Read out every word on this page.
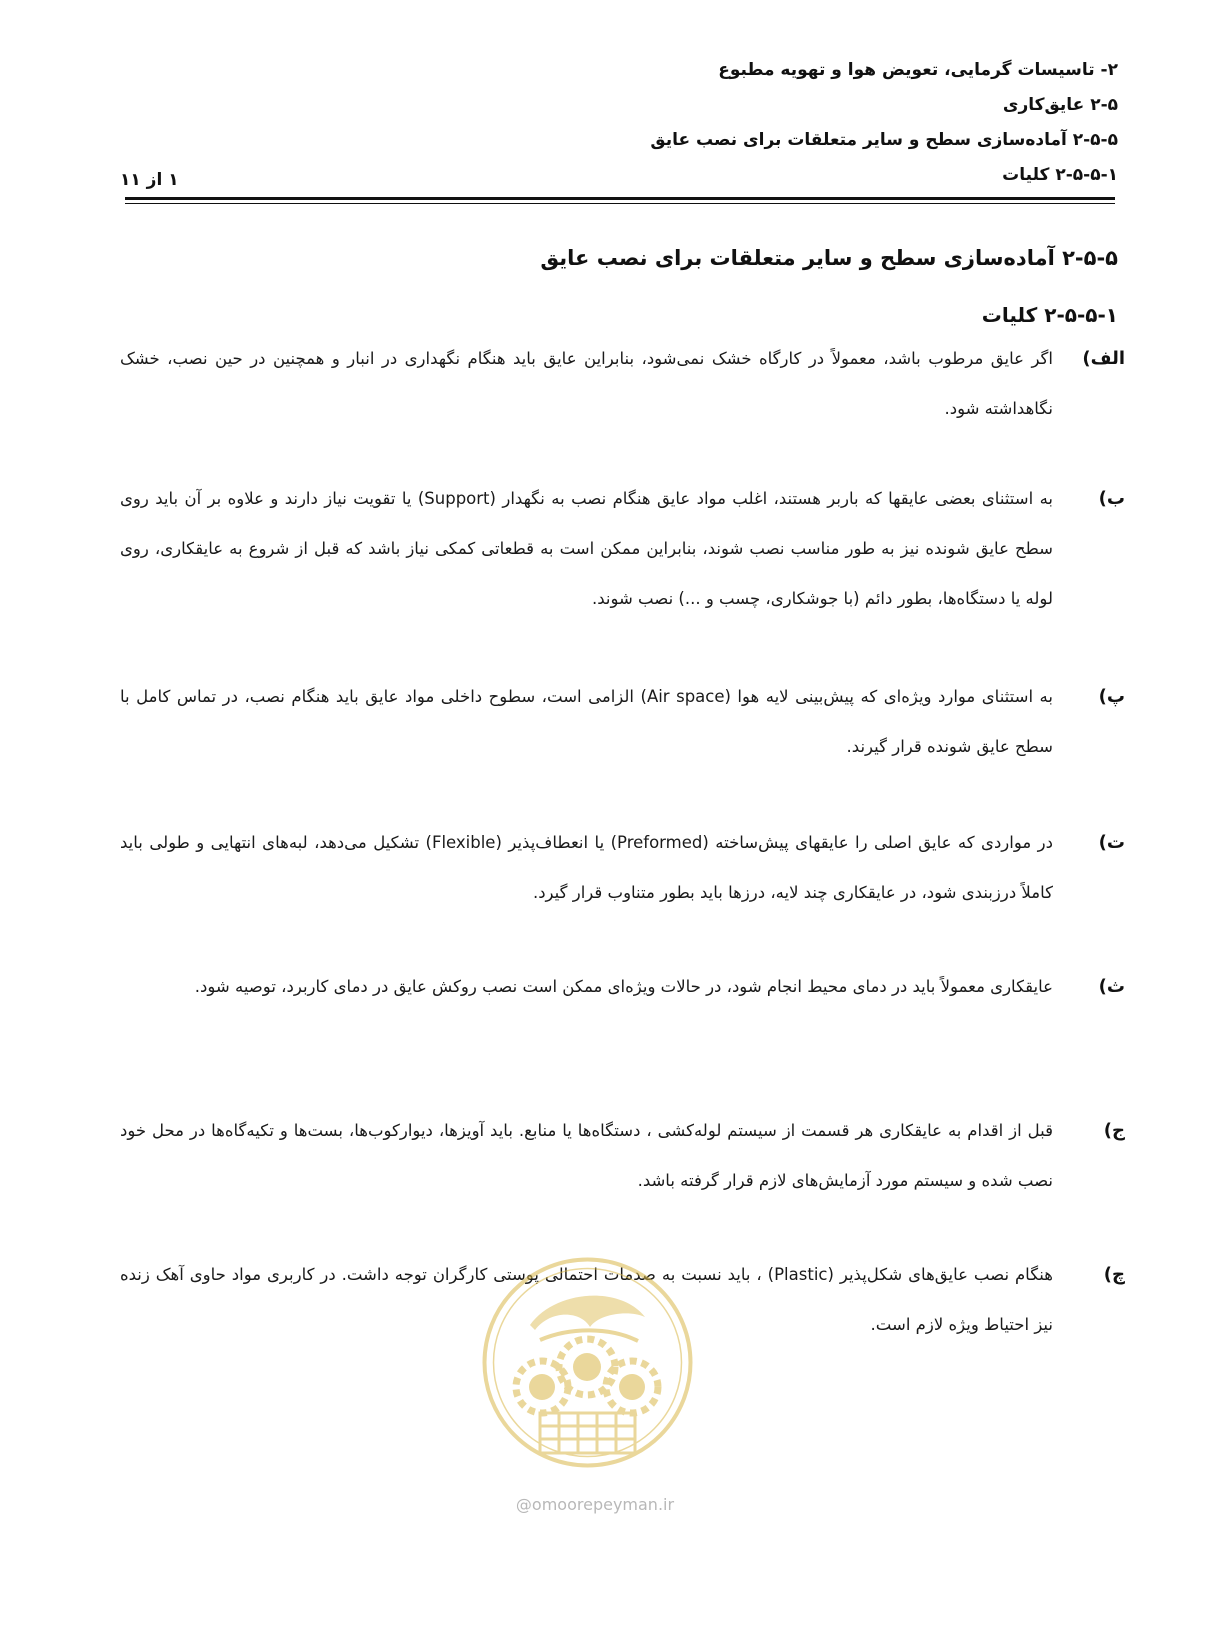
۲- تاسیسات گرمایی، تعویض هوا و تهویه مطبوع
۲-۵ عایق‌کاری
۲-۵-۵ آماده‌سازی سطح و سایر متعلقات برای نصب عایق
۲-۵-۵-۱ کلیات
۱ از ۱۱
۲-۵-۵ آماده‌سازی سطح و سایر متعلقات برای نصب عایق
۲-۵-۵-۱ کلیات
الف)
اگر عایق مرطوب باشد، معمولاً در کارگاه خشک نمی‌شود، بنابراین عایق باید هنگام نگهداری در انبار و همچنین در حین نصب، خشک نگاهداشته شود.
ب)
به استثنای بعضی عایقها که باربر هستند، اغلب مواد عایق هنگام نصب به نگهدار (Support) یا تقویت نیاز دارند و علاوه بر آن باید روی سطح عایق شونده نیز به طور مناسب نصب شوند، بنابراین ممکن است به قطعاتی کمکی نیاز باشد که قبل از شروع به عایقکاری، روی لوله یا دستگاه‌ها، بطور دائم (با جوشکاری، چسب و ...) نصب شوند.
پ)
به استثنای موارد ویژه‌ای که پیش‌بینی لایه هوا (Air space) الزامی است، سطوح داخلی مواد عایق باید هنگام نصب، در تماس کامل با سطح عایق شونده قرار گیرند.
ت)
در مواردی که عایق اصلی را عایقهای پیش‌ساخته (Preformed) یا انعطاف‌پذیر (Flexible) تشکیل می‌دهد، لبه‌های انتهایی و طولی باید کاملاً درزبندی شود، در عایقکاری چند لایه، درزها باید بطور متناوب قرار گیرد.
ث)
عایقکاری معمولاً باید در دمای محیط انجام شود، در حالات ویژه‌ای ممکن است نصب روکش عایق در دمای کاربرد، توصیه شود.
ج)
قبل از اقدام به عایقکاری هر قسمت از سیستم لوله‌کشی ، دستگاه‌ها یا منابع. باید آویزها، دیوارکوب‌ها، بست‌ها و تکیه‌گاه‌ها در محل خود نصب شده و سیستم مورد آزمایش‌های لازم قرار گرفته باشد.
چ)
هنگام نصب عایق‌های شکل‌پذیر (Plastic) ، باید نسبت به صدمات احتمالی پوستی کارگران توجه داشت. در کاربری مواد حاوی آهک زنده نیز احتیاط ویژه لازم است.
@omoorepeyman.ir
